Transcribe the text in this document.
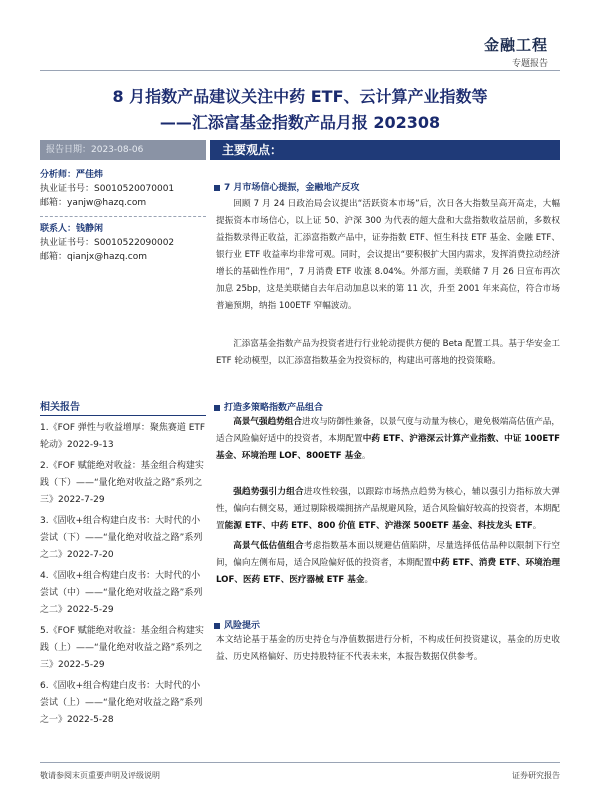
金融工程
专题报告
8 月指数产品建议关注中药 ETF、云计算产业指数等
——汇添富基金指数产品月报 202308
报告日期：2023-08-06	主要观点：
分析师：严佳炜
执业证书号：S0010520070001
邮箱：yanjw@hazq.com
联系人：钱静闲
执业证书号：S0010522090002
邮箱：qianjx@hazq.com
相关报告
1.《FOF 弹性与收益增厚：聚焦赛道 ETF 轮动》2022-9-13
2.《FOF 赋能绝对收益：基金组合构建实践（下）——“量化绝对收益之路”系列之三》2022-7-29
3.《固收+组合构建白皮书：大时代的小尝试（下）——“量化绝对收益之路”系列之二》2022-7-20
4.《固收+组合构建白皮书：大时代的小尝试（中）——“量化绝对收益之路”系列之二》2022-5-29
5.《FOF 赋能绝对收益：基金组合构建实践（上）——“量化绝对收益之路”系列之三》2022-5-29
6.《固收+组合构建白皮书：大时代的小尝试（上）——“量化绝对收益之路”系列之一》2022-5-28
7 月市场信心提振，金融地产反攻
回顾 7 月 24 日政治局会议提出“活跃资本市场”后，次日各大指数呈高开高走，大幅提振资本市场信心，以上证 50、沪深 300 为代表的超大盘和大盘指数收益居前，多数权益指数录得正收益，汇添富指数产品中，证券指数 ETF、恒生科技 ETF 基金、金融 ETF、银行业 ETF 收益率均非常可观。同时，会议提出“要积极扩大国内需求，发挥消费拉动经济增长的基础性作用”，7 月消费 ETF 收涨 8.04%。外部方面，美联储 7 月 26 日宣布再次加息 25bp，这是美联储自去年启动加息以来的第 11 次，升至 2001 年来高位，符合市场普遍预期，纳指 100ETF 窄幅波动。
汇添富基金指数产品为投资者进行行业轮动提供方便的 Beta 配置工具。基于华安金工 ETF 轮动模型，以汇添富指数基金为投资标的，构建出可落地的投资策略。
打造多策略指数产品组合
高景气强趋势组合进攻与防御性兼备，以景气度与动量为核心，避免极端高估值产品，适合风险偏好适中的投资者，本期配置中药 ETF、沪港深云计算产业指数、中证 100ETF 基金、环境治理 LOF、800ETF 基金。
强趋势强引力组合进攻性较强，以跟踪市场热点趋势为核心，辅以强引力指标放大弹性，偏向右侧交易，通过剔除极端拥挤产品规避风险，适合风险偏好较高的投资者，本期配置能源 ETF、中药 ETF、800 价值 ETF、沪港深 500ETF 基金、科技龙头 ETF。
高景气低估值组合考虑指数基本面以规避估值陷阱，尽量选择低估品种以限制下行空间，偏向左侧布局，适合风险偏好低的投资者，本期配置中药 ETF、消费 ETF、环境治理 LOF、医药 ETF、医疗器械 ETF 基金。
风险提示
本文结论基于基金的历史持仓与净值数据进行分析，不构成任何投资建议，基金的历史收益、历史风格偏好、历史持股特征不代表未来，本报告数据仅供参考。
敬请参阅末页重要声明及评级说明	证券研究报告
